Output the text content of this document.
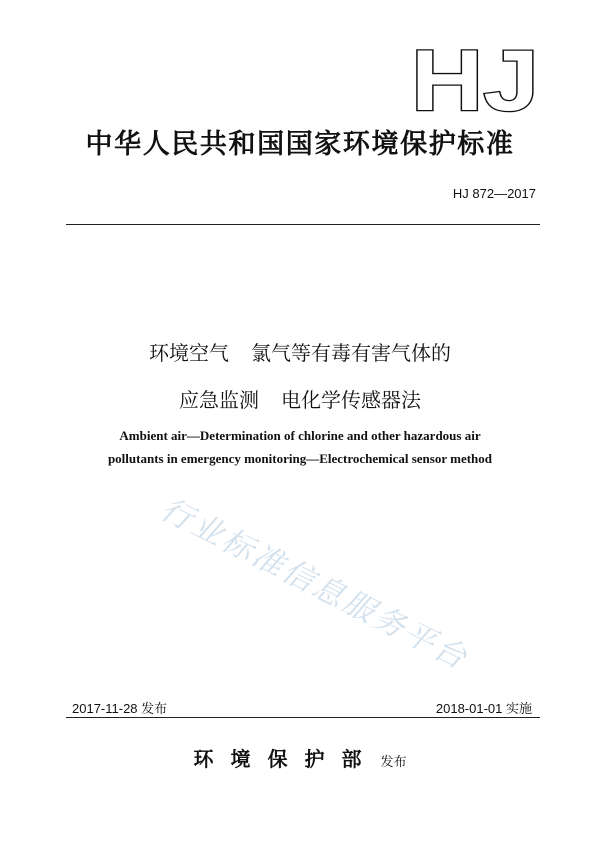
HJ
中华人民共和国国家环境保护标准
HJ 872—2017
环境空气 氯气等有毒有害气体的
应急监测 电化学传感器法
Ambient air—Determination of chlorine and other hazardous air
pollutants in emergency monitoring—Electrochemical sensor method
行业标准信息服务平台
2017-11-28 发布	2018-01-01 实施
环境保护部 发布
